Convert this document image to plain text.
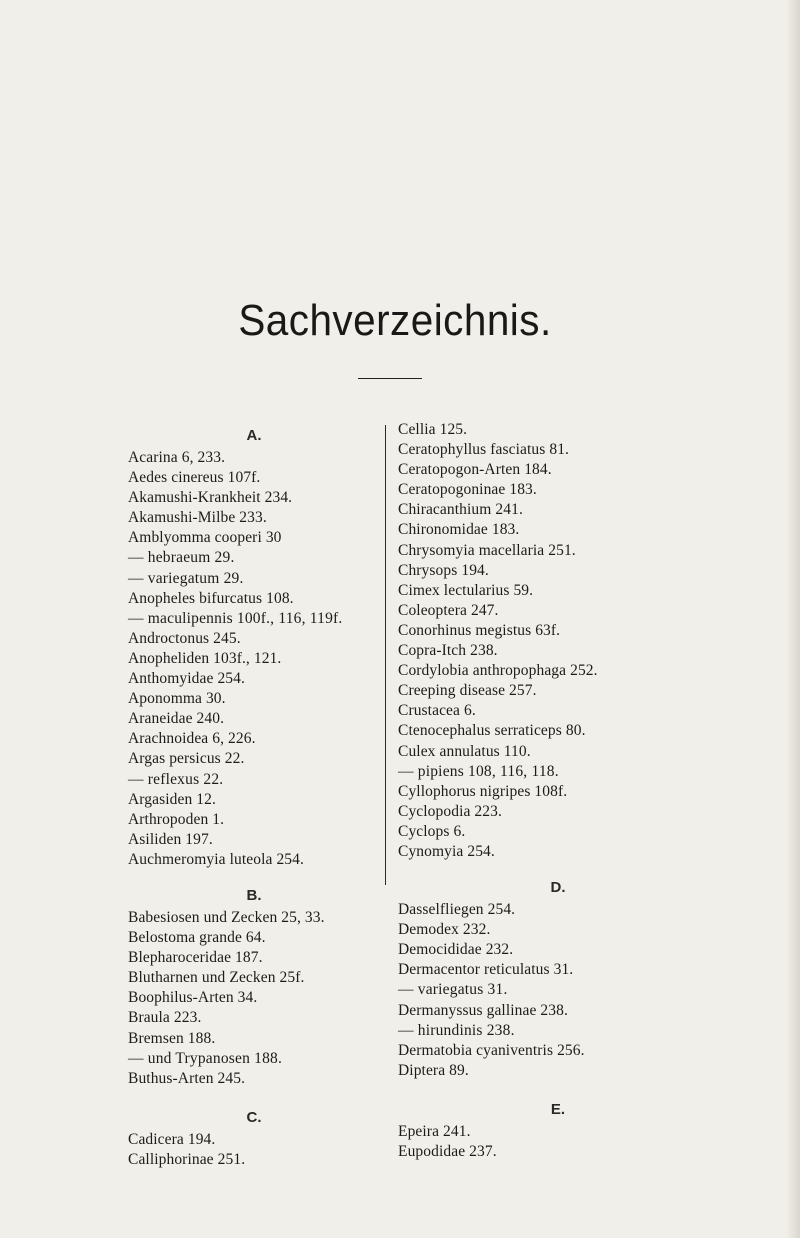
Sachverzeichnis.
A.
Acarina 6, 233.
Aedes cinereus 107f.
Akamushi-Krankheit 234.
Akamushi-Milbe 233.
Amblyomma cooperi 30
— hebraeum 29.
— variegatum 29.
Anopheles bifurcatus 108.
— maculipennis 100f., 116, 119f.
Androctonus 245.
Anopheliden 103f., 121.
Anthomyidae 254.
Aponomma 30.
Araneidae 240.
Arachnoidea 6, 226.
Argas persicus 22.
— reflexus 22.
Argasiden 12.
Arthropoden 1.
Asiliden 197.
Auchmeromyia luteola 254.
B.
Babesiosen und Zecken 25, 33.
Belostoma grande 64.
Blepharoceridae 187.
Blutharnen und Zecken 25f.
Boophilus-Arten 34.
Braula 223.
Bremsen 188.
— und Trypanosen 188.
Buthus-Arten 245.
C.
Cadicera 194.
Calliphorinae 251.
Cellia 125.
Ceratophyllus fasciatus 81.
Ceratopogon-Arten 184.
Ceratopogoninae 183.
Chiracanthium 241.
Chironomidae 183.
Chrysomyia macellaria 251.
Chrysops 194.
Cimex lectularius 59.
Coleoptera 247.
Conorhinus megistus 63f.
Copra-Itch 238.
Cordylobia anthropophaga 252.
Creeping disease 257.
Crustacea 6.
Ctenocephalus serraticeps 80.
Culex annulatus 110.
— pipiens 108, 116, 118.
Cyllophorus nigripes 108f.
Cyclopodia 223.
Cyclops 6.
Cynomyia 254.
D.
Dasselfliegen 254.
Demodex 232.
Democididae 232.
Dermacentor reticulatus 31.
— variegatus 31.
Dermanyssus gallinae 238.
— hirundinis 238.
Dermatobia cyaniventris 256.
Diptera 89.
E.
Epeira 241.
Eupodidae 237.
